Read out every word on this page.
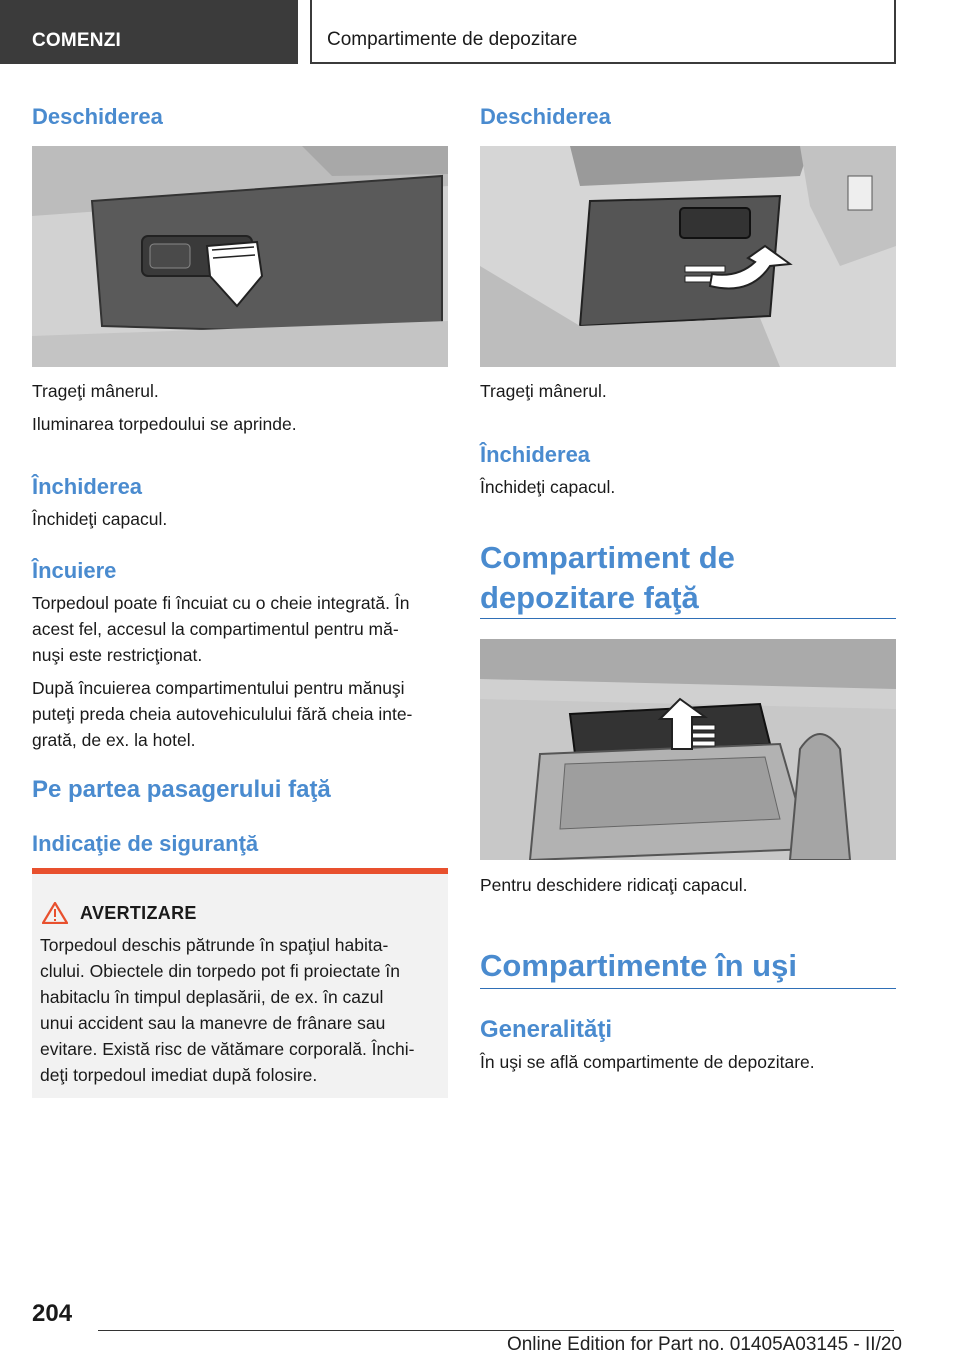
COMENZI	Compartimente de depozitare
Deschiderea
Trageţi mânerul.
Iluminarea torpedoului se aprinde.
Închiderea
Închideţi capacul.
Încuiere
Torpedoul poate fi încuiat cu o cheie integrată. În
acest fel, accesul la compartimentul pentru mă‐
nuşi este restricţionat.
După încuierea compartimentului pentru mănuşi
puteţi preda cheia autovehiculului fără cheia inte‐
grată, de ex. la hotel.
Pe partea pasagerului faţă
Indicaţie de siguranţă
AVERTIZARE
Torpedoul deschis pătrunde în spaţiul habita‐
clului. Obiectele din torpedo pot fi proiectate în
habitaclu în timpul deplasării, de ex. în cazul
unui accident sau la manevre de frânare sau
evitare. Există risc de vătămare corporală. Închi‐
deţi torpedoul imediat după folosire.
Deschiderea
Trageţi mânerul.
Închiderea
Închideţi capacul.
Compartiment de
depozitare faţă
Pentru deschidere ridicaţi capacul.
Compartimente în uşi
Generalităţi
În uşi se află compartimente de depozitare.
204
Online Edition for Part no. 01405A03145 - II/20
